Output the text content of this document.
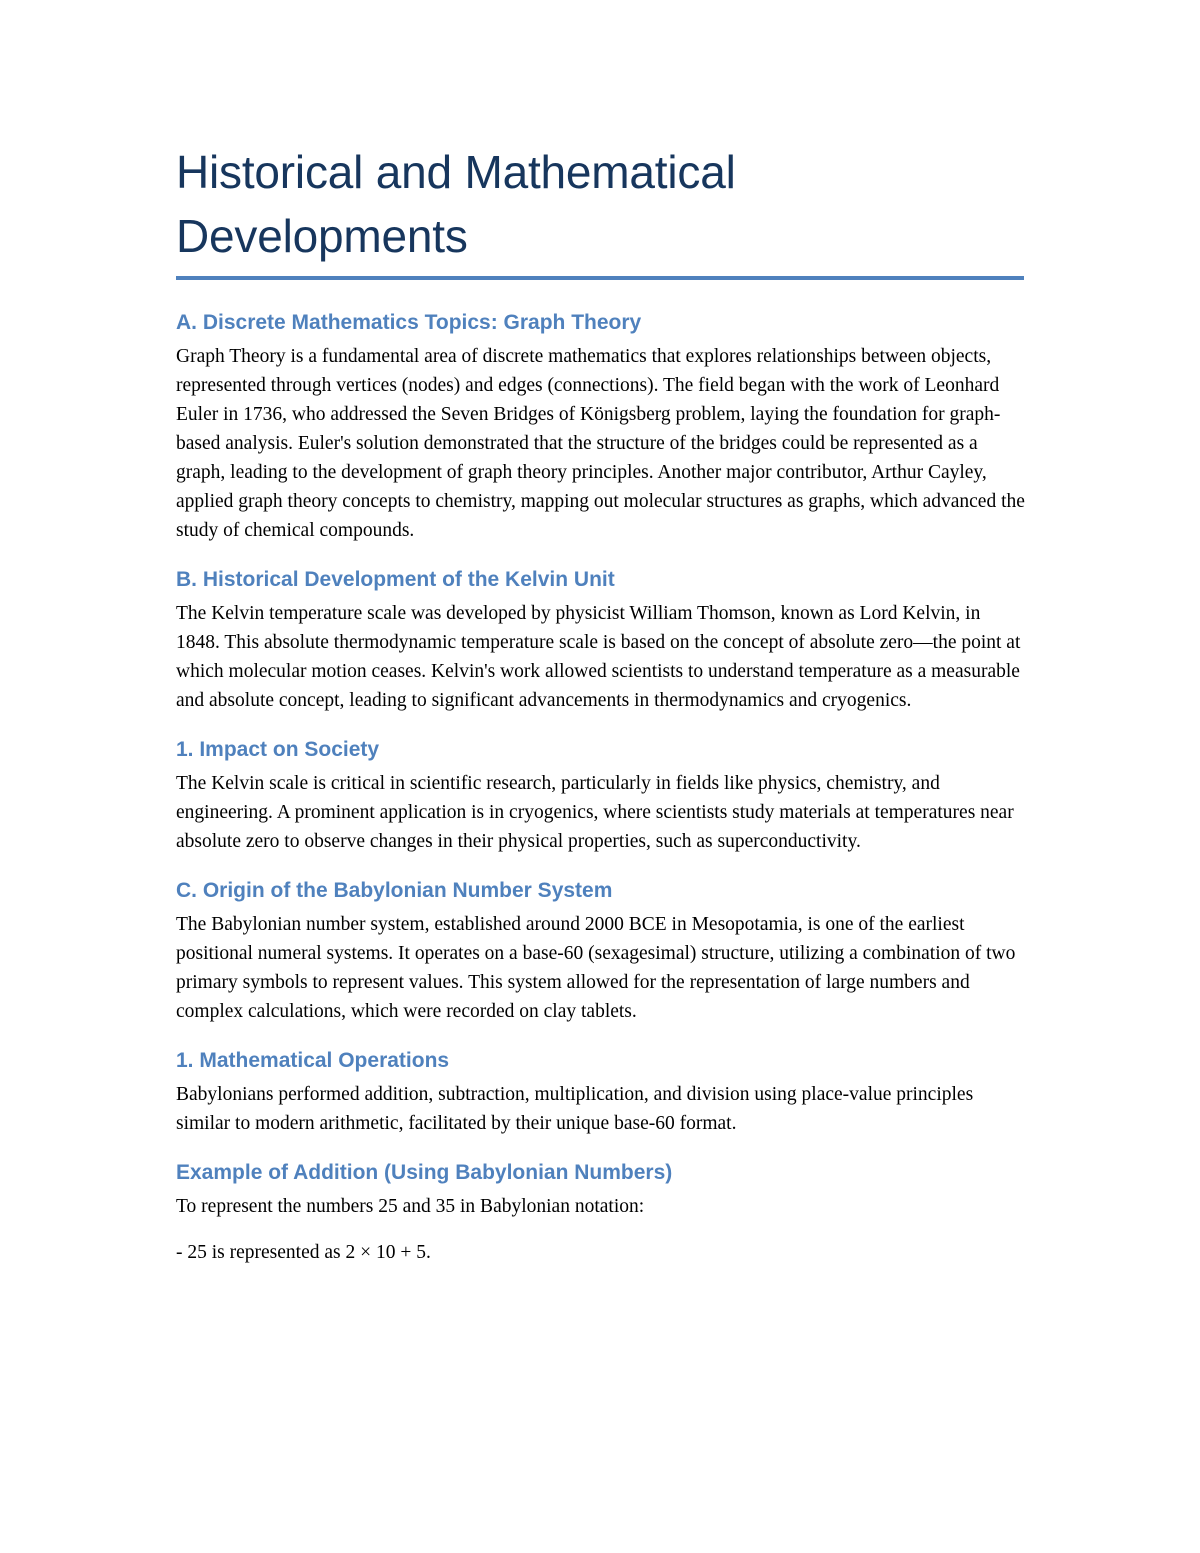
Historical and Mathematical Developments
A. Discrete Mathematics Topics: Graph Theory

Graph Theory is a fundamental area of discrete mathematics that explores relationships between objects, represented through vertices (nodes) and edges (connections). The field began with the work of Leonhard Euler in 1736, who addressed the Seven Bridges of Königsberg problem, laying the foundation for graph-based analysis. Euler's solution demonstrated that the structure of the bridges could be represented as a graph, leading to the development of graph theory principles. Another major contributor, Arthur Cayley, applied graph theory concepts to chemistry, mapping out molecular structures as graphs, which advanced the study of chemical compounds.

B. Historical Development of the Kelvin Unit

The Kelvin temperature scale was developed by physicist William Thomson, known as Lord Kelvin, in 1848. This absolute thermodynamic temperature scale is based on the concept of absolute zero—the point at which molecular motion ceases. Kelvin's work allowed scientists to understand temperature as a measurable and absolute concept, leading to significant advancements in thermodynamics and cryogenics.

1. Impact on Society

The Kelvin scale is critical in scientific research, particularly in fields like physics, chemistry, and engineering. A prominent application is in cryogenics, where scientists study materials at temperatures near absolute zero to observe changes in their physical properties, such as superconductivity.

C. Origin of the Babylonian Number System

The Babylonian number system, established around 2000 BCE in Mesopotamia, is one of the earliest positional numeral systems. It operates on a base-60 (sexagesimal) structure, utilizing a combination of two primary symbols to represent values. This system allowed for the representation of large numbers and complex calculations, which were recorded on clay tablets.

1. Mathematical Operations

Babylonians performed addition, subtraction, multiplication, and division using place-value principles similar to modern arithmetic, facilitated by their unique base-60 format.

Example of Addition (Using Babylonian Numbers)

To represent the numbers 25 and 35 in Babylonian notation:

- 25 is represented as 2 × 10 + 5.
